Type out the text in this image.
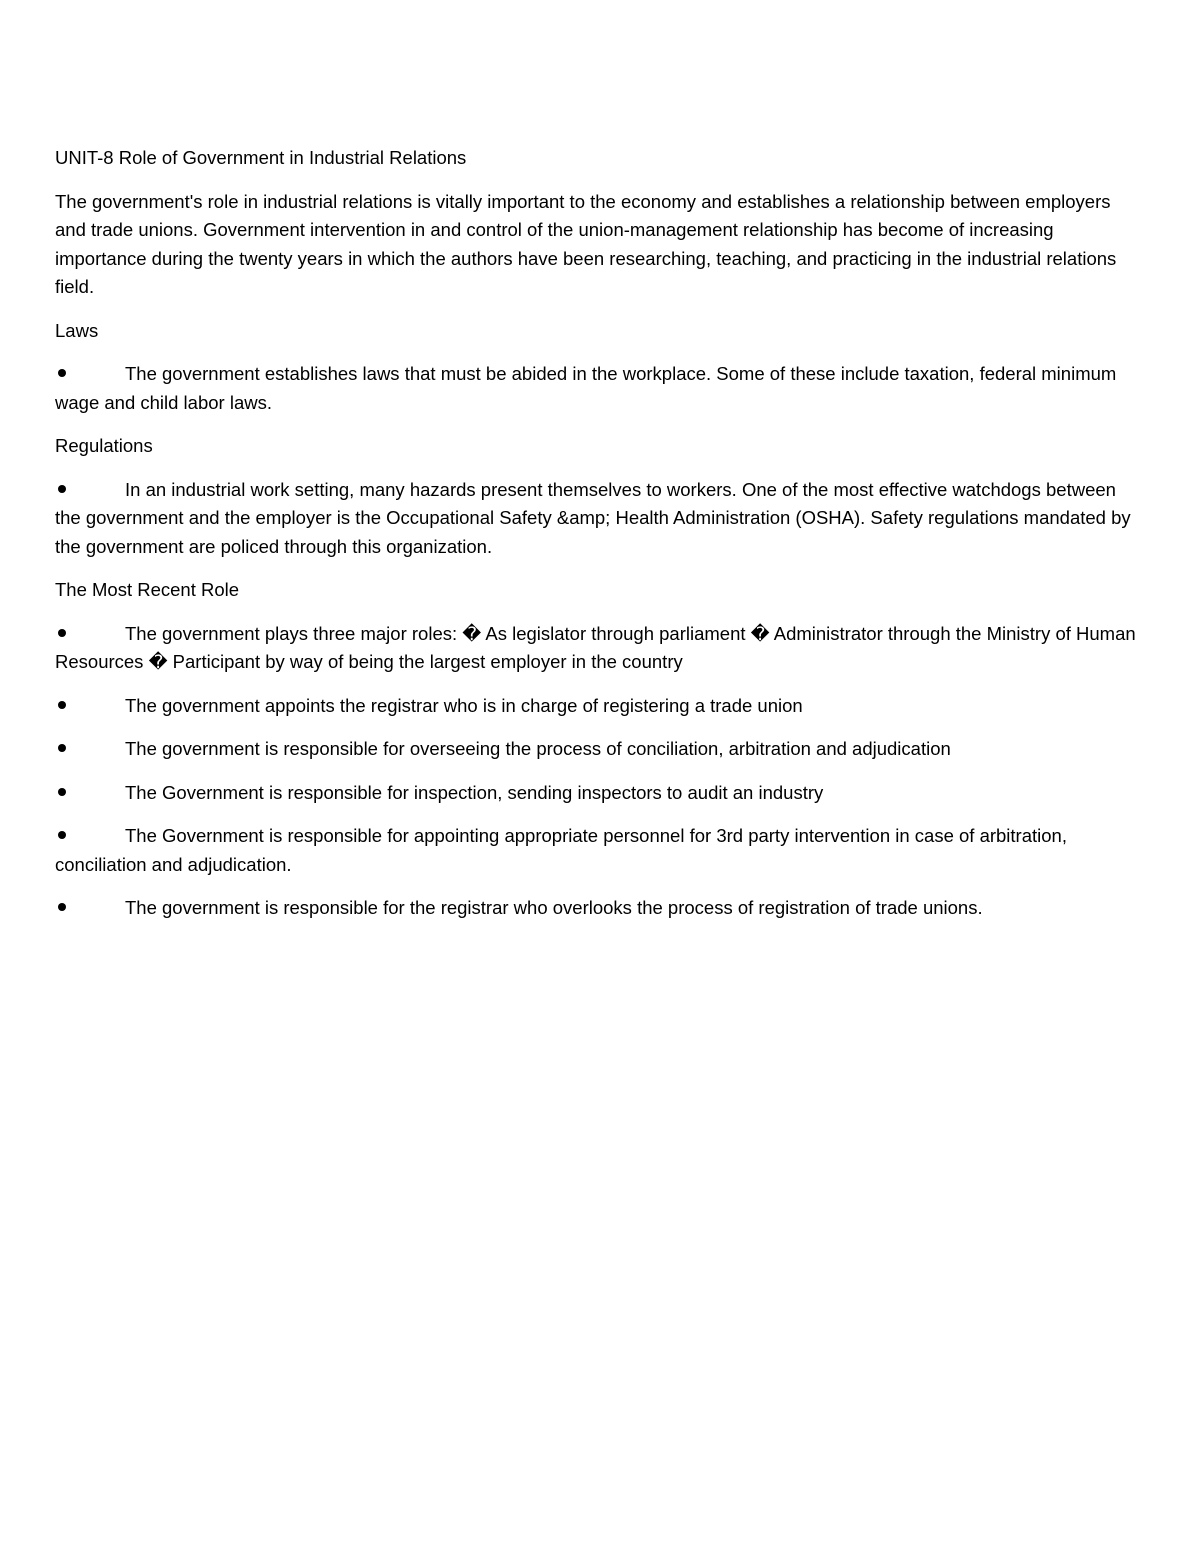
UNIT-8 Role of Government in Industrial Relations

The government's role in industrial relations is vitally important to the economy and establishes a relationship between employers and trade unions. Government intervention in and control of the union-management relationship has become of increasing importance during the twenty years in which the authors have been researching, teaching, and practicing in the industrial relations field.

Laws

The government establishes laws that must be abided in the workplace. Some of these include taxation, federal minimum wage and child labor laws.

Regulations

In an industrial work setting, many hazards present themselves to workers. One of the most effective watchdogs between the government and the employer is the Occupational Safety &amp; Health Administration (OSHA). Safety regulations mandated by the government are policed through this organization.

The Most Recent Role

The government plays three major roles: � As legislator through parliament � Administrator through the Ministry of Human Resources � Participant by way of being the largest employer in the country
The government appoints the registrar who is in charge of registering a trade union
The government is responsible for overseeing the process of conciliation, arbitration and adjudication
The Government is responsible for inspection, sending inspectors to audit an industry
The Government is responsible for appointing appropriate personnel for 3rd party intervention in case of arbitration, conciliation and adjudication.
The government is responsible for the registrar who overlooks the process of registration of trade unions.
